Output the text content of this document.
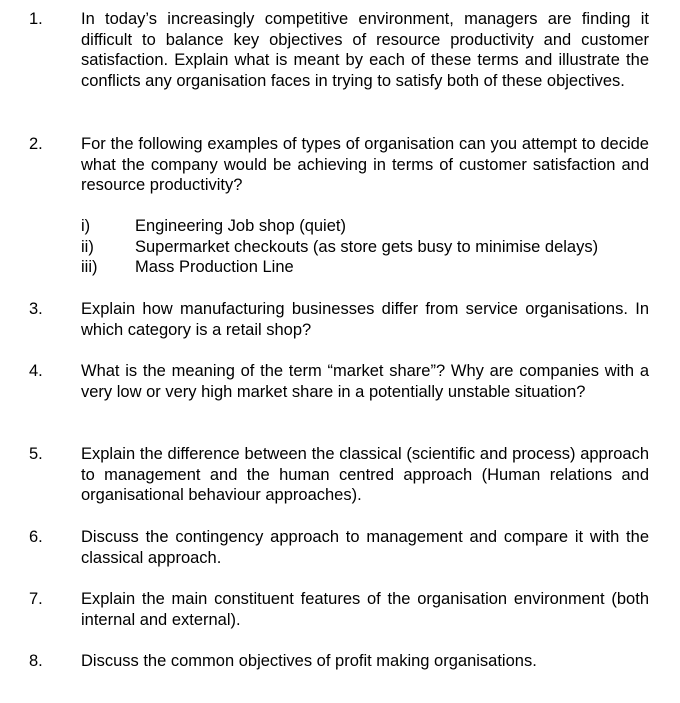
1. In today’s increasingly competitive environment, managers are finding it difficult to balance key objectives of resource productivity and customer satisfaction. Explain what is meant by each of these terms and illustrate the conflicts any organisation faces in trying to satisfy both of these objectives.
2. For the following examples of types of organisation can you attempt to decide what the company would be achieving in terms of customer satisfaction and resource productivity?
i)	Engineering Job shop (quiet)
ii) Supermarket checkouts (as store gets busy to minimise delays)
iii) Mass Production Line
3. Explain how manufacturing businesses differ from service organisations. In which category is a retail shop?
4. What is the meaning of the term “market share”? Why are companies with a very low or very high market share in a potentially unstable situation?
5. Explain the difference between the classical (scientific and process) approach to management and the human centred approach (Human relations and organisational behaviour approaches).
6. Discuss the contingency approach to management and compare it with the classical approach.
7. Explain the main constituent features of the organisation environment (both internal and external).
8. Discuss the common objectives of profit making organisations.
